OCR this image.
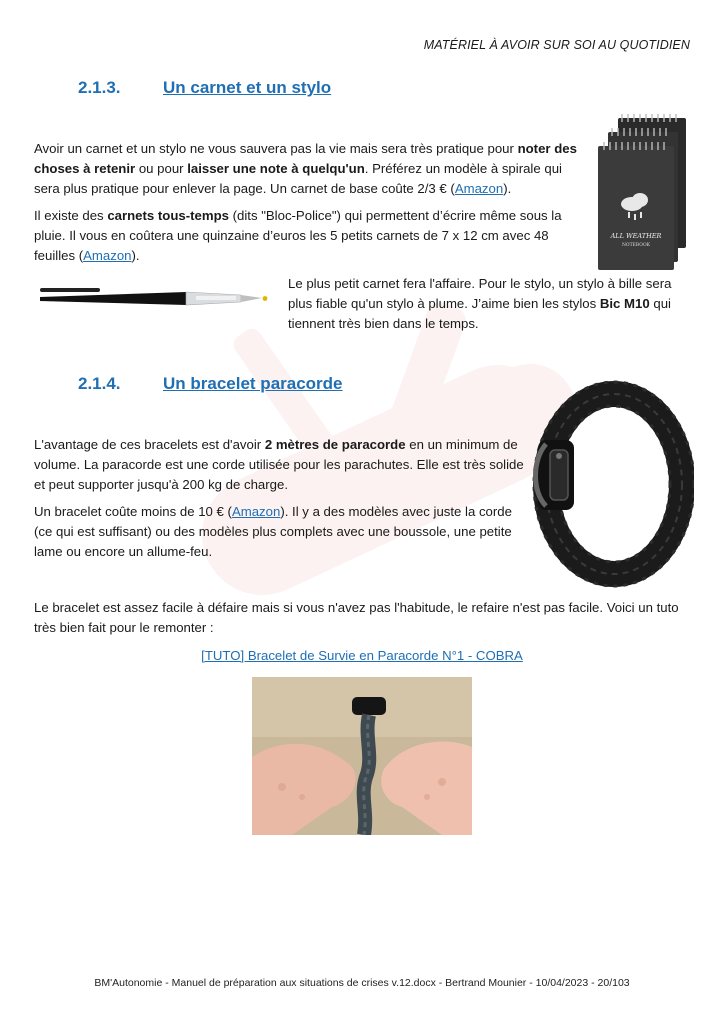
MATÉRIEL À AVOIR SUR SOI AU QUOTIDIEN
2.1.3. Un carnet et un stylo

Avoir un carnet et un stylo ne vous sauvera pas la vie mais sera très pratique pour noter des choses à retenir ou pour laisser une note à quelqu'un. Préférez un modèle à spirale qui sera plus pratique pour enlever la page. Un carnet de base coûte 2/3 € (Amazon).

Il existe des carnets tous-temps (dits "Bloc-Police") qui permettent d’écrire même sous la pluie. Il vous en coûtera une quinzaine d’euros les 5 petits carnets de 7 x 12 cm avec 48 feuilles (Amazon).

Le plus petit carnet fera l'affaire. Pour le stylo, un stylo à bille sera plus fiable qu'un stylo à plume. J’aime bien les stylos Bic M10 qui tiennent très bien dans le temps.

ALL WEATHER
NOTEBOOK
2.1.4. Un bracelet paracorde

L'avantage de ces bracelets est d'avoir 2 mètres de paracorde en un minimum de volume. La paracorde est une corde utilisée pour les parachutes. Elle est très solide et peut supporter jusqu'à 200 kg de charge.

Un bracelet coûte moins de 10 € (Amazon). Il y a des modèles avec juste la corde (ce qui est suffisant) ou des modèles plus complets avec une boussole, une petite lame ou encore un allume-feu.

Le bracelet est assez facile à défaire mais si vous n'avez pas l'habitude, le refaire n'est pas facile. Voici un tuto très bien fait pour le remonter :

[TUTO] Bracelet de Survie en Paracorde N°1 - COBRA
BM'Autonomie - Manuel de préparation aux situations de crises v.12.docx - Bertrand Mounier - 10/04/2023 - 20/103
